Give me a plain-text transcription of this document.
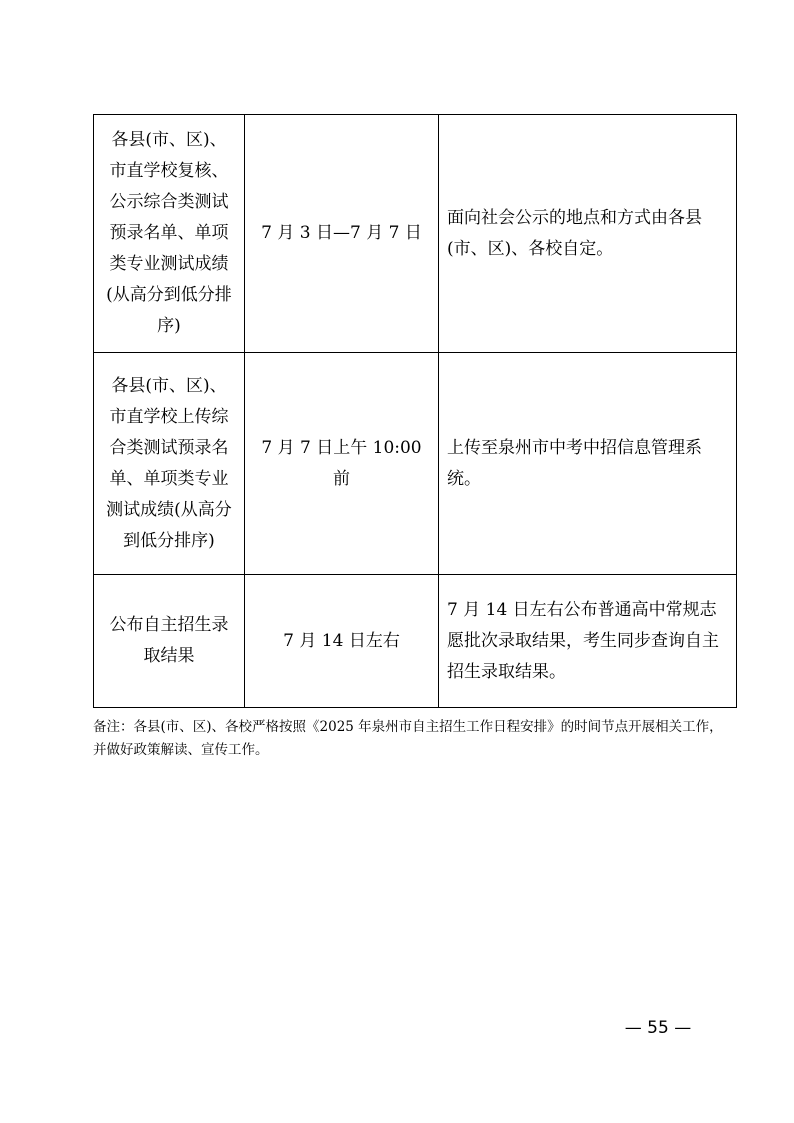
各县(市、区)、市直学校复核、公示综合类测试预录名单、单项类专业测试成绩(从高分到低分排序)	7 月 3 日—7 月 7 日	面向社会公示的地点和方式由各县(市、区)、各校自定。

各县(市、区)、市直学校上传综合类测试预录名单、单项类专业测试成绩(从高分到低分排序)	7 月 7 日上午 10:00 前	上传至泉州市中考中招信息管理系统。

公布自主招生录取结果	7 月 14 日左右	7 月 14 日左右公布普通高中常规志愿批次录取结果，考生同步查询自主招生录取结果。
备注：各县(市、区)、各校严格按照《2025 年泉州市自主招生工作日程安排》的时间节点开展相关工作，并做好政策解读、宣传工作。
— 55 —
